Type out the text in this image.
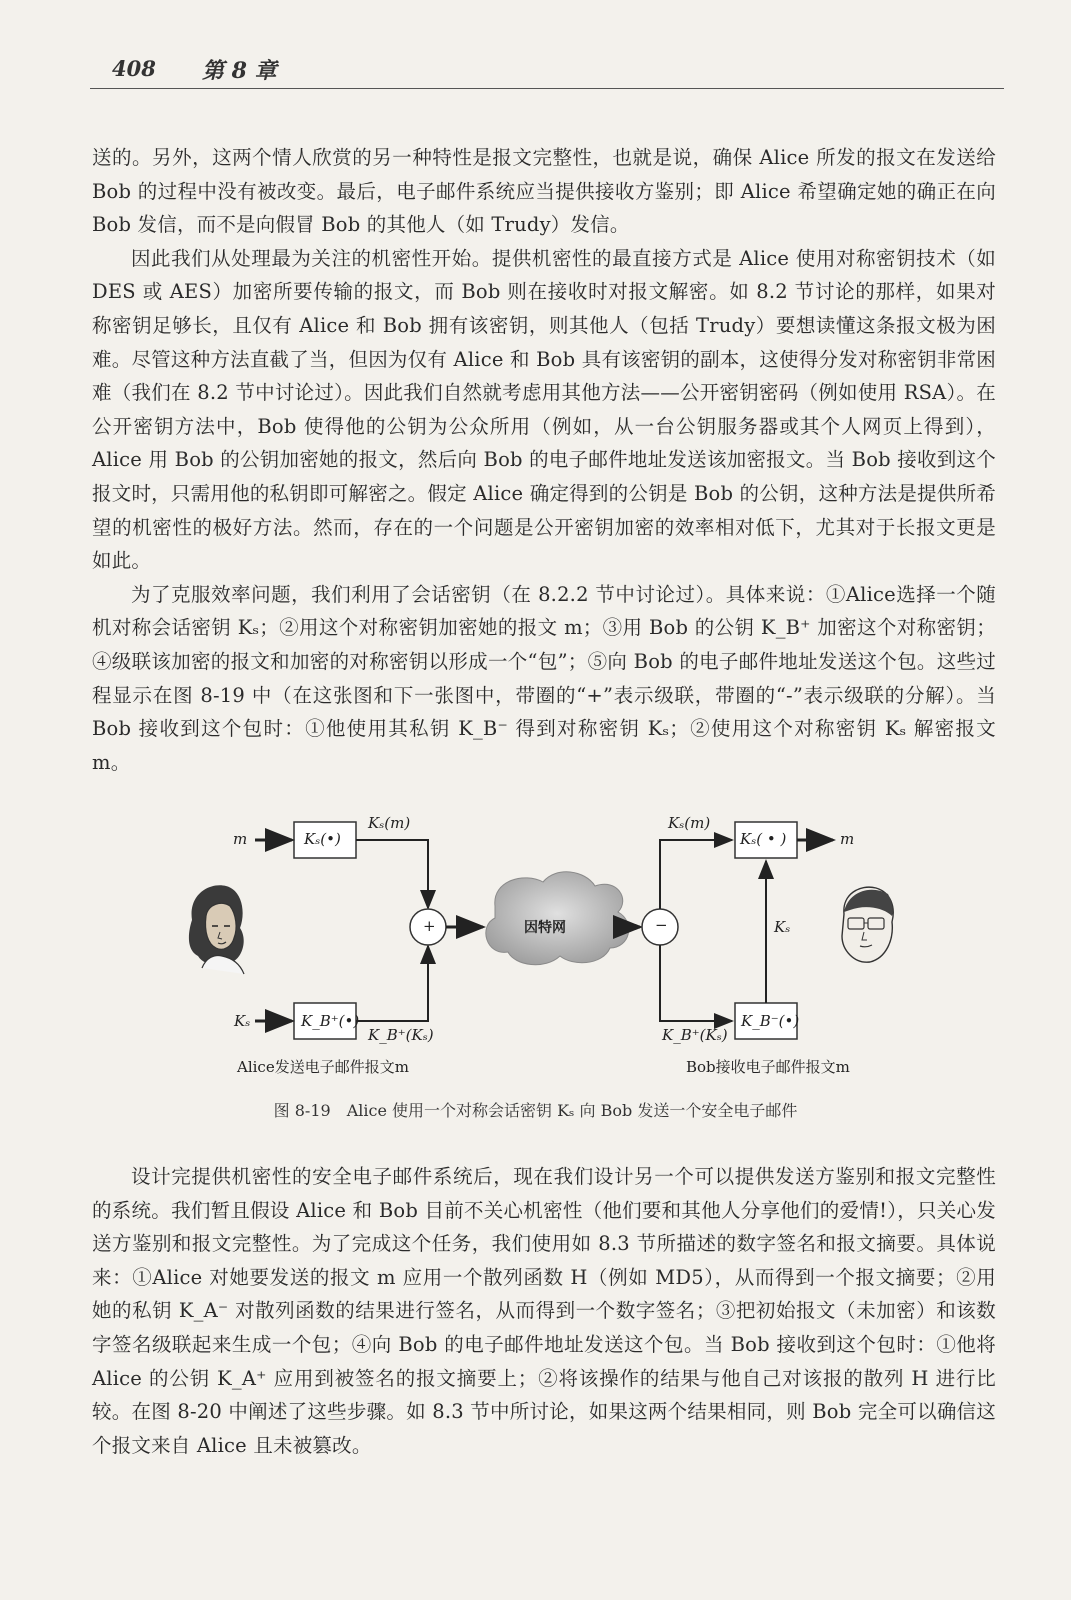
408 第 8 章

送的。另外，这两个情人欣赏的另一种特性是报文完整性，也就是说，确保 Alice 所发的报文在发送给 Bob 的过程中没有被改变。最后，电子邮件系统应当提供接收方鉴别；即 Alice 希望确定她的确正在向 Bob 发信，而不是向假冒 Bob 的其他人（如 Trudy）发信。

因此我们从处理最为关注的机密性开始。提供机密性的最直接方式是 Alice 使用对称密钥技术（如 DES 或 AES）加密所要传输的报文，而 Bob 则在接收时对报文解密。如 8.2 节讨论的那样，如果对称密钥足够长，且仅有 Alice 和 Bob 拥有该密钥，则其他人（包括 Trudy）要想读懂这条报文极为困难。尽管这种方法直截了当，但因为仅有 Alice 和 Bob 具有该密钥的副本，这使得分发对称密钥非常困难（我们在 8.2 节中讨论过）。因此我们自然就考虑用其他方法——公开密钥密码（例如使用 RSA）。在公开密钥方法中，Bob 使得他的公钥为公众所用（例如，从一台公钥服务器或其个人网页上得到），Alice 用 Bob 的公钥加密她的报文，然后向 Bob 的电子邮件地址发送该加密报文。当 Bob 接收到这个报文时，只需用他的私钥即可解密之。假定 Alice 确定得到的公钥是 Bob 的公钥，这种方法是提供所希望的机密性的极好方法。然而，存在的一个问题是公开密钥加密的效率相对低下，尤其对于长报文更是如此。

为了克服效率问题，我们利用了会话密钥（在 8.2.2 节中讨论过）。具体来说：①Alice选择一个随机对称会话密钥 Kₛ；②用这个对称密钥加密她的报文 m；③用 Bob 的公钥 K_B⁺ 加密这个对称密钥；④级联该加密的报文和加密的对称密钥以形成一个“包”；⑤向 Bob 的电子邮件地址发送这个包。这些过程显示在图 8-19 中（在这张图和下一张图中，带圈的“+”表示级联，带圈的“-”表示级联的分解）。当 Bob 接收到这个包时：①他使用其私钥 K_B⁻ 得到对称密钥 Kₛ；②使用这个对称密钥 Kₛ 解密报文 m。

m	Kₛ(•)
Kₛ(m)
Kₛ	K_B⁺(•)
K_B⁺(Kₛ)
+	因特网	−
Kₛ(m)
Kₛ( • )	m
Kₛ
K_B⁻(•)
K_B⁺(Kₛ)
Alice发送电子邮件报文m	Bob接收电子邮件报文m
图 8-19　Alice 使用一个对称会话密钥 Kₛ 向 Bob 发送一个安全电子邮件

设计完提供机密性的安全电子邮件系统后，现在我们设计另一个可以提供发送方鉴别和报文完整性的系统。我们暂且假设 Alice 和 Bob 目前不关心机密性（他们要和其他人分享他们的爱情!），只关心发送方鉴别和报文完整性。为了完成这个任务，我们使用如 8.3 节所描述的数字签名和报文摘要。具体说来：①Alice 对她要发送的报文 m 应用一个散列函数 H（例如 MD5），从而得到一个报文摘要；②用她的私钥 K_A⁻ 对散列函数的结果进行签名，从而得到一个数字签名；③把初始报文（未加密）和该数字签名级联起来生成一个包；④向 Bob 的电子邮件地址发送这个包。当 Bob 接收到这个包时：①他将 Alice 的公钥 K_A⁺ 应用到被签名的报文摘要上；②将该操作的结果与他自己对该报的散列 H 进行比较。在图 8-20 中阐述了这些步骤。如 8.3 节中所讨论，如果这两个结果相同，则 Bob 完全可以确信这个报文来自 Alice 且未被篡改。
